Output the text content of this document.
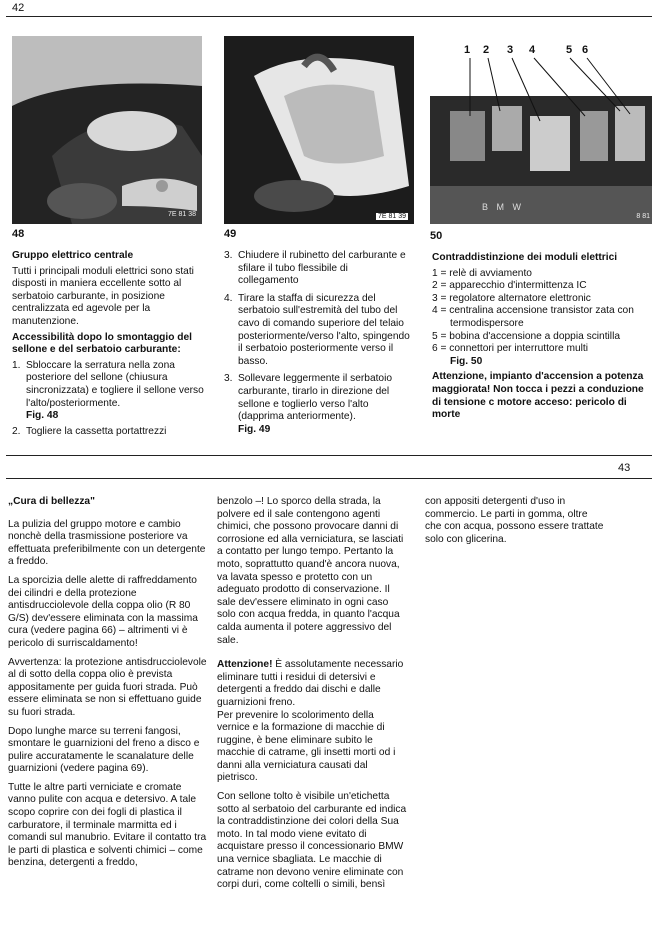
42
7E 81 38
48
7E 81 39
49
1 2 3 4	5 6
B M W
8 81
50

Gruppo elettrico centrale

Tutti i principali moduli elettrici sono stati disposti in maniera eccellente sotto al serbatoio carburante, in posizione centralizzata ed agevole per la manutenzione.

Accessibilità dopo lo smontaggio del sellone e del serbatoio carburante:

1. Sbloccare la serratura nella zona posteriore del sellone (chiusura sincronizzata) e togliere il sellone verso l'alto/posteriormente.
Fig. 48
2. Togliere la cassetta portattrezzi
3. Chiudere il rubinetto del carburante e sfilare il tubo flessibile di collegamento
4. Tirare la staffa di sicurezza del serbatoio sull'estremità del tubo del cavo di comando superiore del telaio posteriormente/verso l'alto, spingendo il serbatoio posteriormente verso il basso.
3. Sollevare leggermente il serbatoio carburante, tirarlo in direzione del sellone e toglierlo verso l'alto (dapprima anteriormente).
Fig. 49

Contraddistinzione dei moduli elettrici

1 = relè di avviamento
2 = apparecchio d'intermittenza IC
3 = regolatore alternatore elettronic
4 = centralina accensione transistor zata con termodispersore
5 = bobina d'accensione a doppia scintilla
6 = connettori per interruttore multi
Fig. 50

Attenzione, impianto d'accension a potenza maggiorata! Non tocca i pezzi a conduzione di tensione c motore acceso: pericolo di morte

43

„Cura di bellezza"

La pulizia del gruppo motore e cambio nonchè della trasmissione posteriore va effettuata preferibilmente con un detergente a freddo.

La sporcizia delle alette di raffreddamento dei cilindri e della protezione antisdrucciolevole della coppa olio (R 80 G/S) dev'essere eliminata con la massima cura (vedere pagina 66) – altrimenti vi è pericolo di surriscaldamento!

Avvertenza: la protezione antisdrucciolevole al di sotto della coppa olio è prevista appositamente per guida fuori strada. Può essere eliminata se non si effettuano guide su fuori strada.

Dopo lunghe marce su terreni fangosi, smontare le guarnizioni del freno a disco e pulire accuratamente le scanalature delle guarnizioni (vedere pagina 69).

Tutte le altre parti verniciate e cromate vanno pulite con acqua e detersivo. A tale scopo coprire con dei fogli di plastica il carburatore, il terminale marmitta ed i comandi sul manubrio. Evitare il contatto tra le parti di plastica e solventi chimici – come benzina, detergenti a freddo,

benzolo –! Lo sporco della strada, la polvere ed il sale contengono agenti chimici, che possono provocare danni di corrosione ed alla verniciatura, se lasciati a contatto per lungo tempo. Pertanto la moto, soprattutto quand'è ancora nuova, va lavata spesso e protetto con un adeguato prodotto di conservazione. Il sale dev'essere eliminato in ogni caso solo con acqua fredda, in quanto l'acqua calda aumenta il potere aggressivo del sale.

Attenzione! È assolutamente necessario eliminare tutti i residui di detersivi e detergenti a freddo dai dischi e dalle guarnizioni freno.

Per prevenire lo scolorimento della vernice e la formazione di macchie di ruggine, è bene eliminare subito le macchie di catrame, gli insetti morti od i danni alla verniciatura causati dal pietrisco.

Con sellone tolto è visibile un'etichetta sotto al serbatoio del carburante ed indica la contraddistinzione dei colori della Sua moto. In tal modo viene evitato di acquistare presso il concessionario BMW una vernice sbagliata. Le macchie di catrame non devono venire eliminate con corpi duri, come coltelli o simili, bensì

con appositi detergenti d'uso in commercio. Le parti in gomma, oltre che con acqua, possono essere trattate solo con glicerina.
